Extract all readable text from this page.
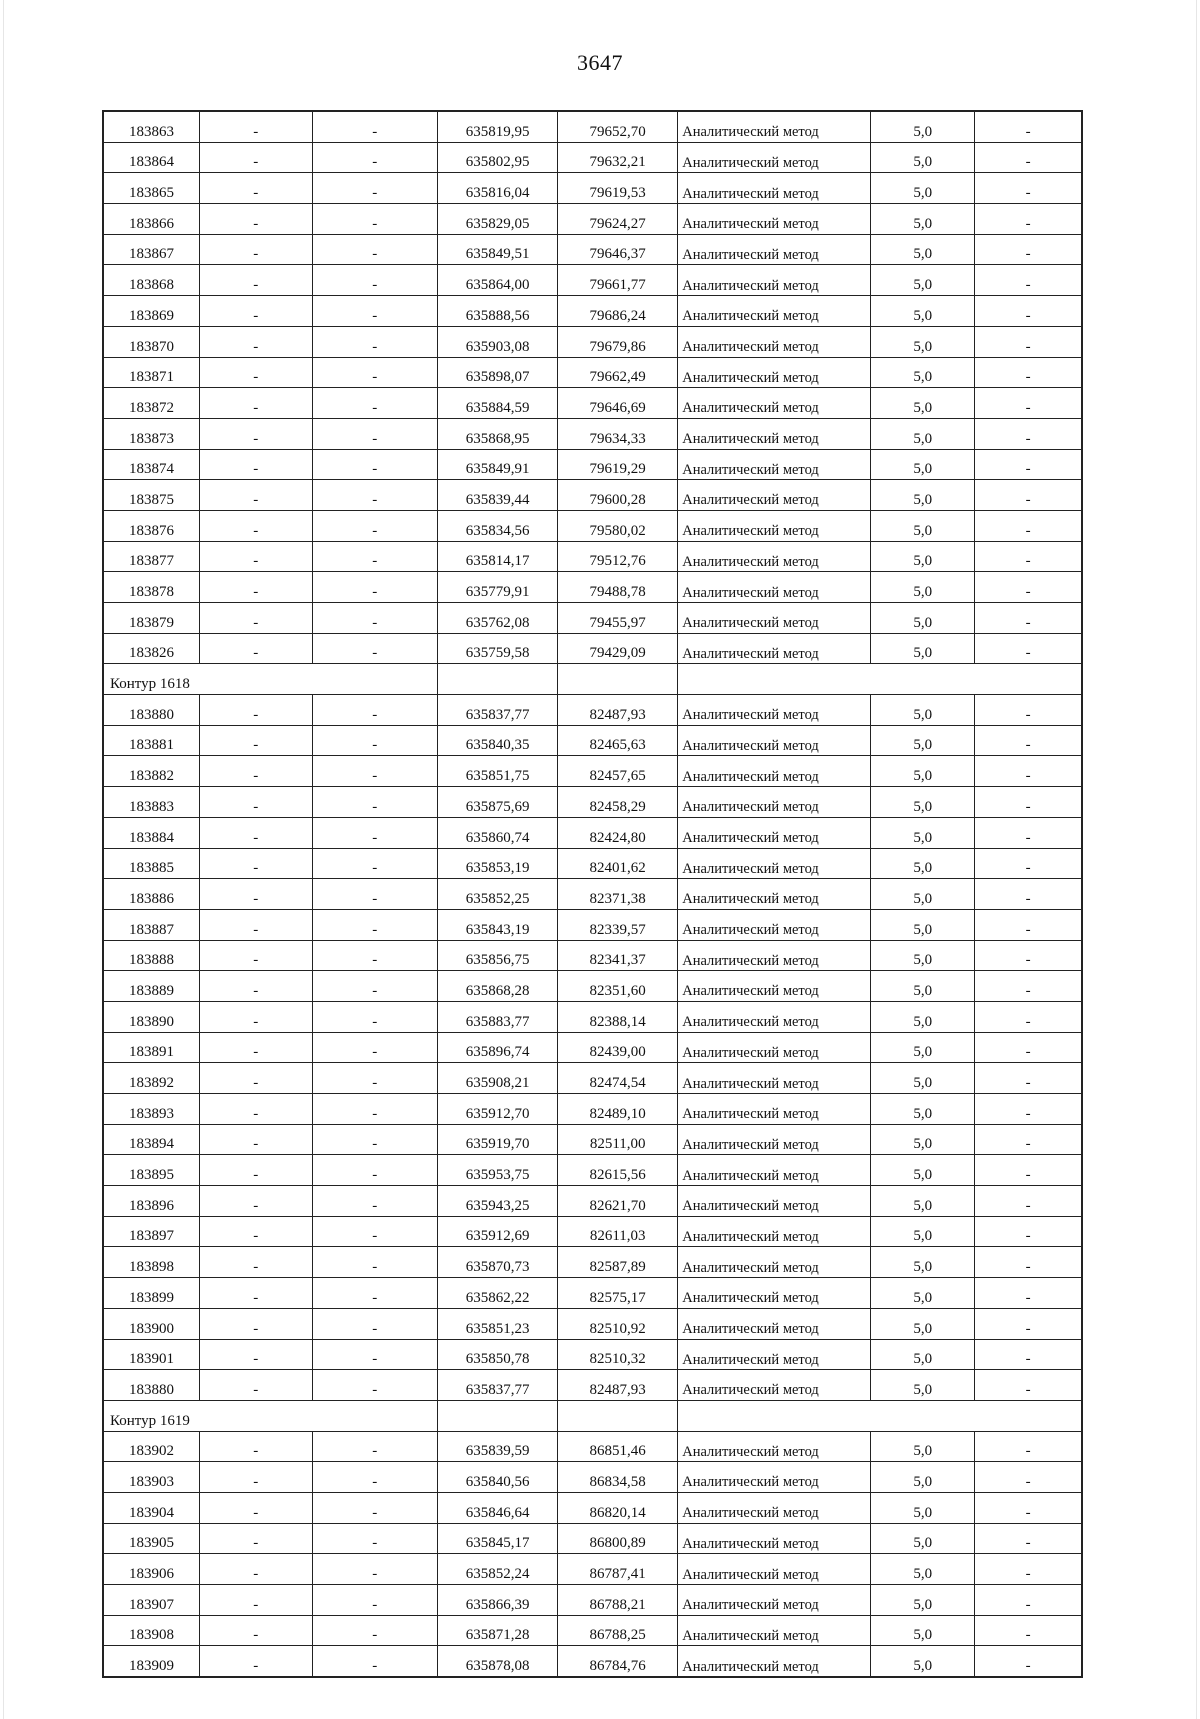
3647
183863	-	-	635819,95	79652,70	Аналитический метод	5,0	-
183864	-	-	635802,95	79632,21	Аналитический метод	5,0	-
183865	-	-	635816,04	79619,53	Аналитический метод	5,0	-
183866	-	-	635829,05	79624,27	Аналитический метод	5,0	-
183867	-	-	635849,51	79646,37	Аналитический метод	5,0	-
183868	-	-	635864,00	79661,77	Аналитический метод	5,0	-
183869	-	-	635888,56	79686,24	Аналитический метод	5,0	-
183870	-	-	635903,08	79679,86	Аналитический метод	5,0	-
183871	-	-	635898,07	79662,49	Аналитический метод	5,0	-
183872	-	-	635884,59	79646,69	Аналитический метод	5,0	-
183873	-	-	635868,95	79634,33	Аналитический метод	5,0	-
183874	-	-	635849,91	79619,29	Аналитический метод	5,0	-
183875	-	-	635839,44	79600,28	Аналитический метод	5,0	-
183876	-	-	635834,56	79580,02	Аналитический метод	5,0	-
183877	-	-	635814,17	79512,76	Аналитический метод	5,0	-
183878	-	-	635779,91	79488,78	Аналитический метод	5,0	-
183879	-	-	635762,08	79455,97	Аналитический метод	5,0	-
183826	-	-	635759,58	79429,09	Аналитический метод	5,0	-
Контур 1618							
183880	-	-	635837,77	82487,93	Аналитический метод	5,0	-
183881	-	-	635840,35	82465,63	Аналитический метод	5,0	-
183882	-	-	635851,75	82457,65	Аналитический метод	5,0	-
183883	-	-	635875,69	82458,29	Аналитический метод	5,0	-
183884	-	-	635860,74	82424,80	Аналитический метод	5,0	-
183885	-	-	635853,19	82401,62	Аналитический метод	5,0	-
183886	-	-	635852,25	82371,38	Аналитический метод	5,0	-
183887	-	-	635843,19	82339,57	Аналитический метод	5,0	-
183888	-	-	635856,75	82341,37	Аналитический метод	5,0	-
183889	-	-	635868,28	82351,60	Аналитический метод	5,0	-
183890	-	-	635883,77	82388,14	Аналитический метод	5,0	-
183891	-	-	635896,74	82439,00	Аналитический метод	5,0	-
183892	-	-	635908,21	82474,54	Аналитический метод	5,0	-
183893	-	-	635912,70	82489,10	Аналитический метод	5,0	-
183894	-	-	635919,70	82511,00	Аналитический метод	5,0	-
183895	-	-	635953,75	82615,56	Аналитический метод	5,0	-
183896	-	-	635943,25	82621,70	Аналитический метод	5,0	-
183897	-	-	635912,69	82611,03	Аналитический метод	5,0	-
183898	-	-	635870,73	82587,89	Аналитический метод	5,0	-
183899	-	-	635862,22	82575,17	Аналитический метод	5,0	-
183900	-	-	635851,23	82510,92	Аналитический метод	5,0	-
183901	-	-	635850,78	82510,32	Аналитический метод	5,0	-
183880	-	-	635837,77	82487,93	Аналитический метод	5,0	-
Контур 1619							
183902	-	-	635839,59	86851,46	Аналитический метод	5,0	-
183903	-	-	635840,56	86834,58	Аналитический метод	5,0	-
183904	-	-	635846,64	86820,14	Аналитический метод	5,0	-
183905	-	-	635845,17	86800,89	Аналитический метод	5,0	-
183906	-	-	635852,24	86787,41	Аналитический метод	5,0	-
183907	-	-	635866,39	86788,21	Аналитический метод	5,0	-
183908	-	-	635871,28	86788,25	Аналитический метод	5,0	-
183909	-	-	635878,08	86784,76	Аналитический метод	5,0	-
